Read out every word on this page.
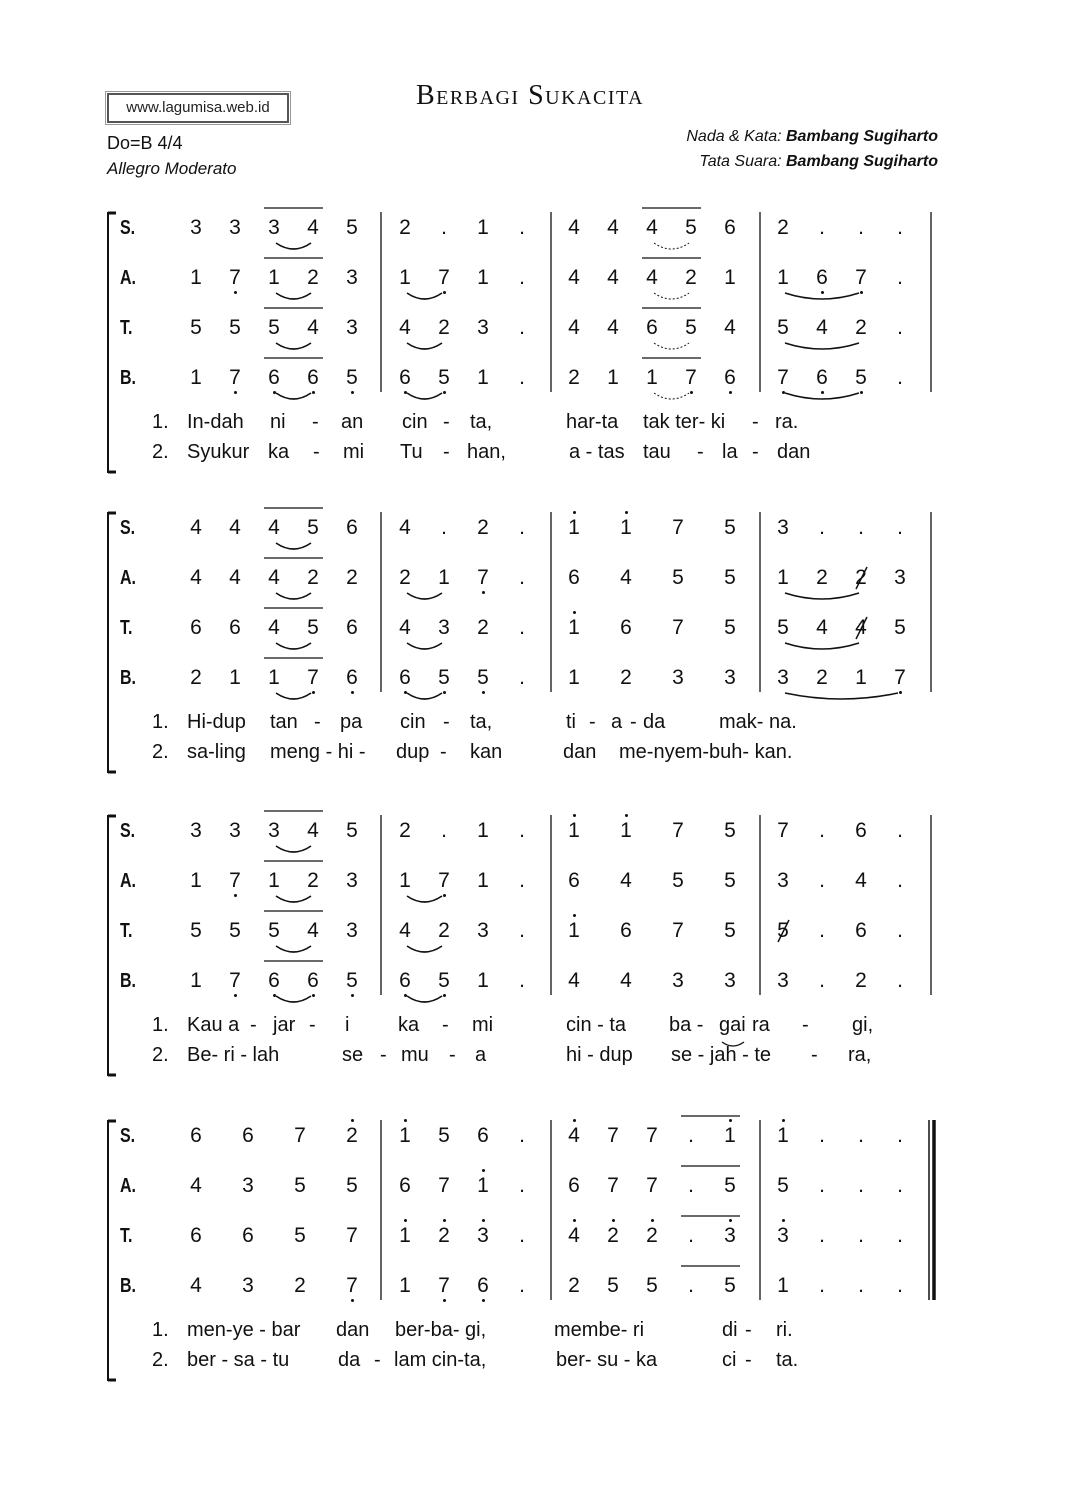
www.lagumisa.web.id	Berbagi Sukacita
Do=B 4/4
Allegro Moderato
Nada & Kata: Bambang Sugiharto
Tata Suara: Bambang Sugiharto
S.	3 3 3 4 5 2	.	1	.	4 4 4 5 6 2	.	.	.
A.	1 7 1 2 3 1 7 1	.	4 4 4 2 1 1 6 7	.
T.	5 5 5 4 3 4 2 3	.	4 4 6 5 4 5 4 2	.
B.	1 7 6 6 5 6 5 1	.	2 1 1 7 6 7 6 5	.
1. In-dah ni - an cin - ta,	har-ta tak ter- ki - ra.
2. Syukur ka - mi Tu - han,	a - tas tau - la - dan
S.	4 4 4 5 6 4	.	2	.	1 1 7 5 3	.	.	.
A.	4 4 4 2 2 2 1 7	.	6 4 5 5 1 2 2 3
T.	6 6 4 5 6 4 3 2	.	1 6 7 5 5 4 4 5
B.	2 1 1 7 6 6 5 5	.	1 2 3 3 3 2 1 7
1. Hi-dup tan - pa cin - ta,	ti - a - da	mak- na.
2. sa-ling meng - hi - dup - kan	dan me-nyem-buh- kan.
S.	3 3 3 4 5 2	.	1	.	1 1 7 5 7	.	6	.
A.	1 7 1 2 3 1 7 1	.	6 4 5 5 3	.	4	.
T.	5 5 5 4 3 4 2 3	.	1 6 7 5 5	.	6	.
B.	1 7 6 6 5 6 5 1	.	4 4 3 3 3	.	2	.
1. Kau a - jar - i ka - mi	cin - ta ba - gai ra - gi,
2. Be- ri - lah	se - mu - a	hi - dup se - jah - te - ra,
S.	6 6 7 2 1 5 6	.	4 7 7	.	1 1	.	.	.
A.	4 3 5 5 6 7 1	.	6 7 7	.	5 5	.	.	.
T.	6 6 5 7 1 2 3	.	4 2 2	.	3 3	.	.	.
B.	4 3 2 7 1 7 6	.	2 5 5	.	5 1	.	.	.
1. men-ye - bar dan ber-ba- gi,	membe- ri	di - ri.
2. ber - sa - tu da - lam cin-ta,	ber- su - ka	ci - ta.
